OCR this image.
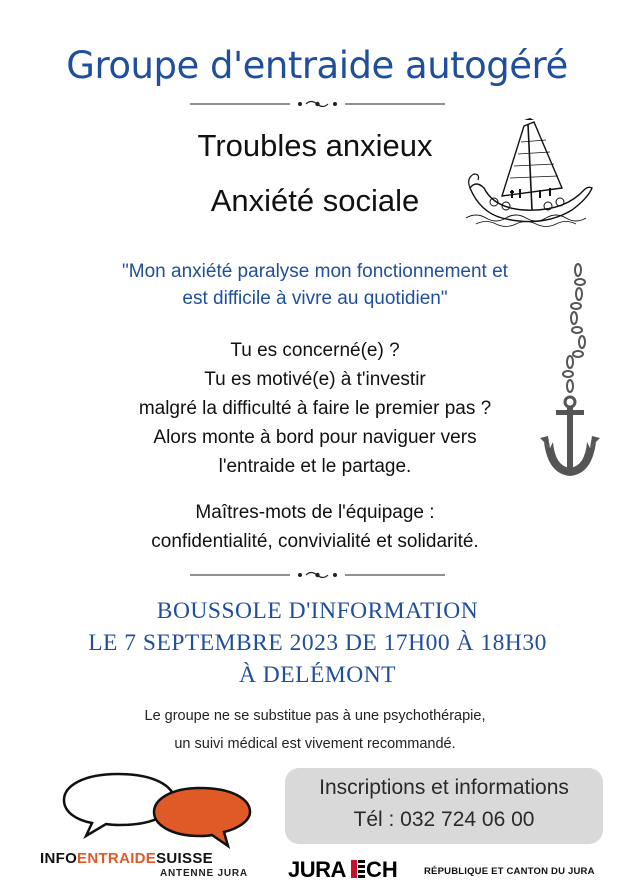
Groupe d'entraide autogéré
Troubles anxieux
Anxiété sociale
"Mon anxiété paralyse mon fonctionnement et
est difficile à vivre au quotidien"
Tu es concerné(e) ?
Tu es motivé(e) à t'investir
malgré la difficulté à faire le premier pas ?
Alors monte à bord pour naviguer vers
l'entraide et le partage.
Maîtres-mots de l'équipage :
confidentialité, convivialité et solidarité.
BOUSSOLE D'INFORMATION
LE 7 SEPTEMBRE 2023 DE 17H00 À 18H30
À DELÉMONT
Le groupe ne se substitue pas à une psychothérapie,
un suivi médical est vivement recommandé.
Inscriptions et informations
Tél : 032 724 06 00
INFOENTRAIDESUISSE
ANTENNE JURA JURA CH	RÉPUBLIQUE ET CANTON DU JURA
